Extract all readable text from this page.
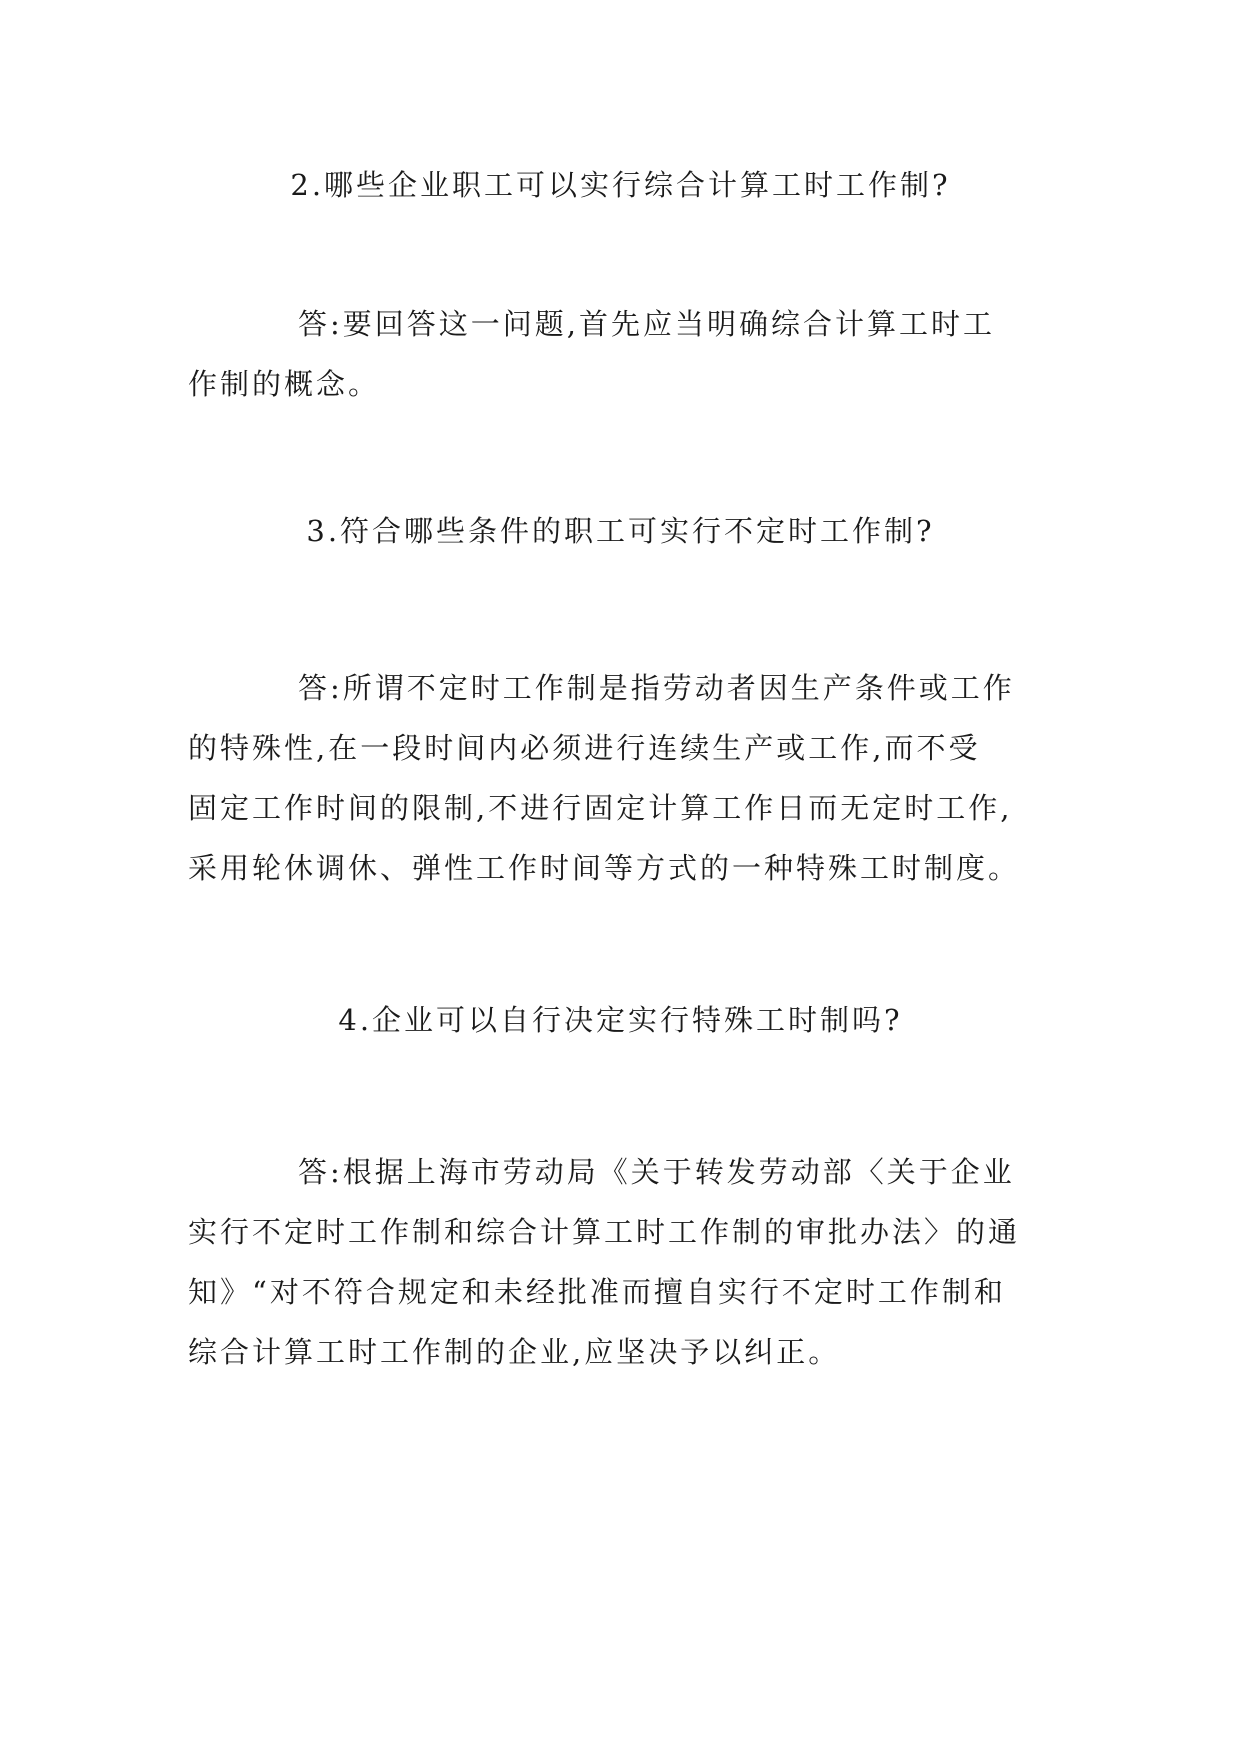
2.哪些企业职工可以实行综合计算工时工作制?
答:要回答这一问题,首先应当明确综合计算工时工
作制的概念。
3.符合哪些条件的职工可实行不定时工作制?
答:所谓不定时工作制是指劳动者因生产条件或工作
的特殊性,在一段时间内必须进行连续生产或工作,而不受
固定工作时间的限制,不进行固定计算工作日而无定时工作,
采用轮休调休、弹性工作时间等方式的一种特殊工时制度。
4.企业可以自行决定实行特殊工时制吗?
答:根据上海市劳动局《关于转发劳动部〈关于企业
实行不定时工作制和综合计算工时工作制的审批办法〉的通
知》“对不符合规定和未经批准而擅自实行不定时工作制和
综合计算工时工作制的企业,应坚决予以纠正。
